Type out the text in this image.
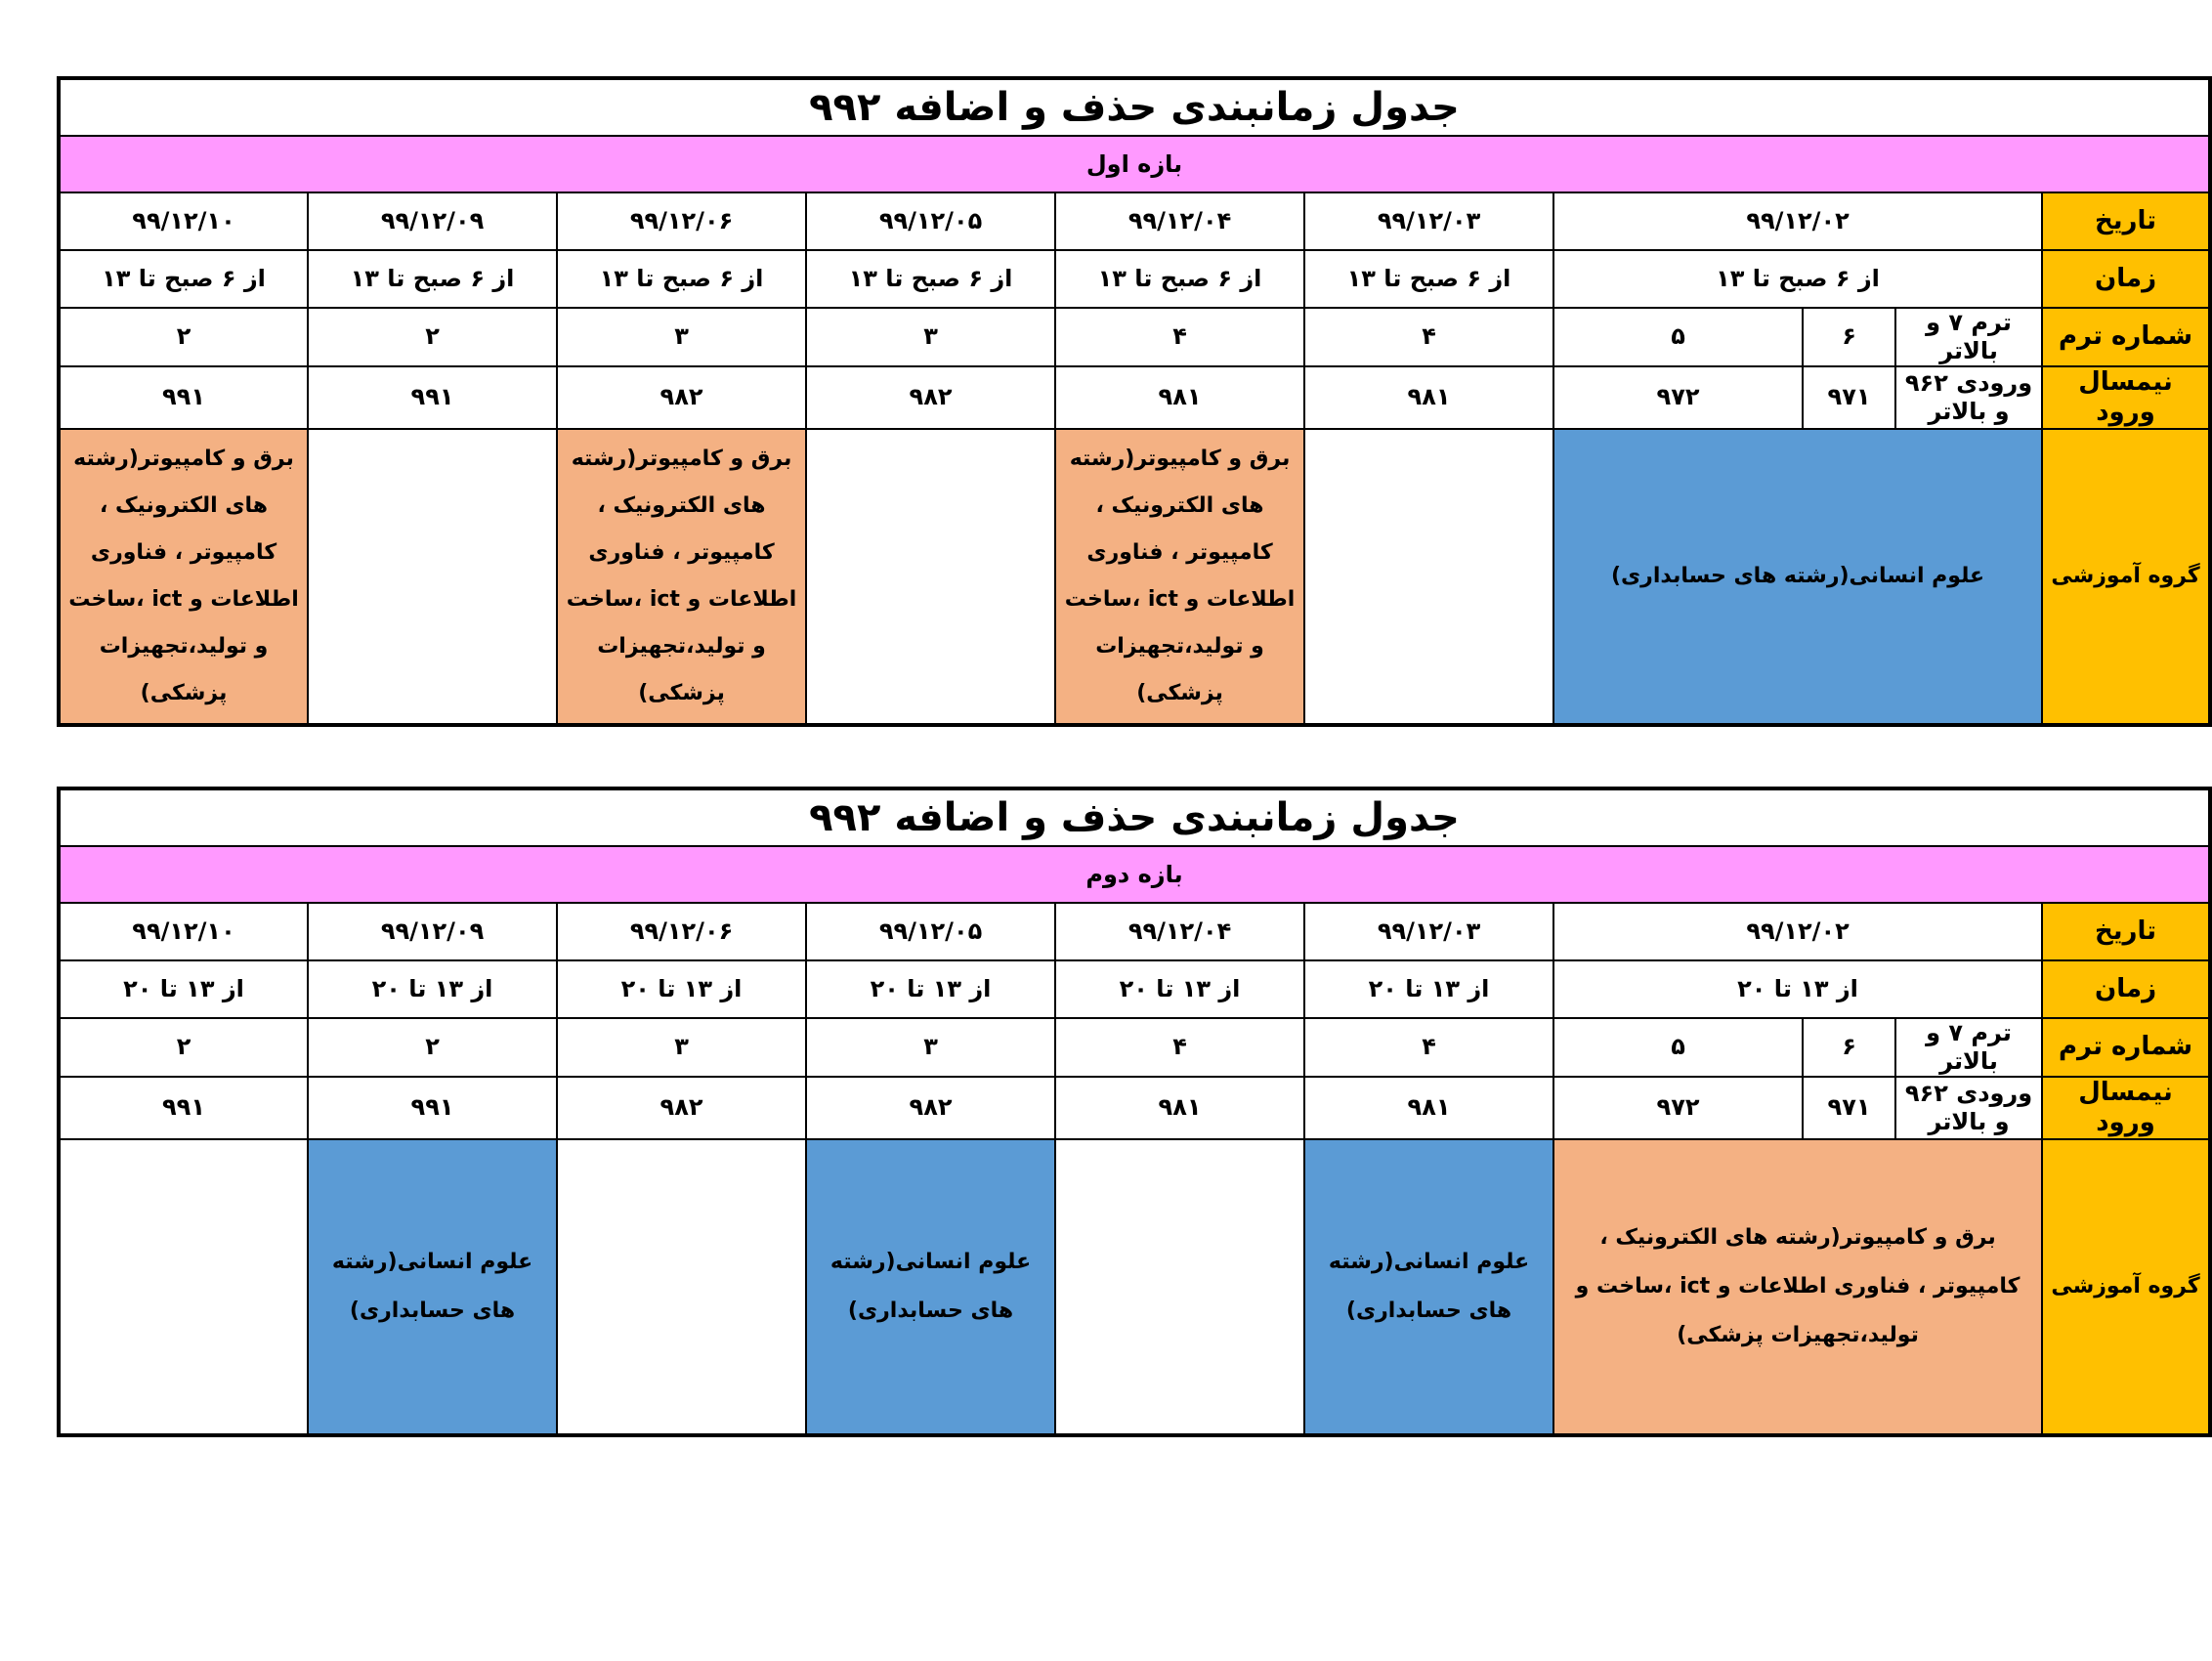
جدول زمانبندی حذف و اضافه ۹۹۲									
بازه اول									
تاریخ	۹۹/۱۲/۰۲			۹۹/۱۲/۰۳	۹۹/۱۲/۰۴	۹۹/۱۲/۰۵	۹۹/۱۲/۰۶	۹۹/۱۲/۰۹	۹۹/۱۲/۱۰
زمان	از ۶ صبح تا ۱۳			از ۶ صبح تا ۱۳	از ۶ صبح تا ۱۳	از ۶ صبح تا ۱۳	از ۶ صبح تا ۱۳	از ۶ صبح تا ۱۳	از ۶ صبح تا ۱۳
شماره ترم	ترم ۷ و بالاتر	۶	۵	۴	۴	۳	۳	۲	۲
نیمسال ورود	ورودی ۹۶۲ و بالاتر	۹۷۱	۹۷۲	۹۸۱	۹۸۱	۹۸۲	۹۸۲	۹۹۱	۹۹۱
گروه آموزشی	علوم انسانی(رشته های حسابداری)				برق و کامپیوتر(رشته های الکترونیک ، کامپیوتر ، فناوری اطلاعات و ict ،ساخت و تولید،تجهیزات پزشکی)		برق و کامپیوتر(رشته های الکترونیک ، کامپیوتر ، فناوری اطلاعات و ict ،ساخت و تولید،تجهیزات پزشکی)		برق و کامپیوتر(رشته های الکترونیک ، کامپیوتر ، فناوری اطلاعات و ict ،ساخت و تولید،تجهیزات پزشکی)
جدول زمانبندی حذف و اضافه ۹۹۲									
بازه دوم									
تاریخ	۹۹/۱۲/۰۲			۹۹/۱۲/۰۳	۹۹/۱۲/۰۴	۹۹/۱۲/۰۵	۹۹/۱۲/۰۶	۹۹/۱۲/۰۹	۹۹/۱۲/۱۰
زمان	از ۱۳ تا ۲۰			از ۱۳ تا ۲۰	از ۱۳ تا ۲۰	از ۱۳ تا ۲۰	از ۱۳ تا ۲۰	از ۱۳ تا ۲۰	از ۱۳ تا ۲۰
شماره ترم	ترم ۷ و بالاتر	۶	۵	۴	۴	۳	۳	۲	۲
نیمسال ورود	ورودی ۹۶۲ و بالاتر	۹۷۱	۹۷۲	۹۸۱	۹۸۱	۹۸۲	۹۸۲	۹۹۱	۹۹۱
گروه آموزشی	برق و کامپیوتر(رشته های الکترونیک ، کامپیوتر ، فناوری اطلاعات و ict ،ساخت و تولید،تجهیزات پزشکی)			علوم انسانی(رشته های حسابداری)		علوم انسانی(رشته های حسابداری)		علوم انسانی(رشته های حسابداری)	
